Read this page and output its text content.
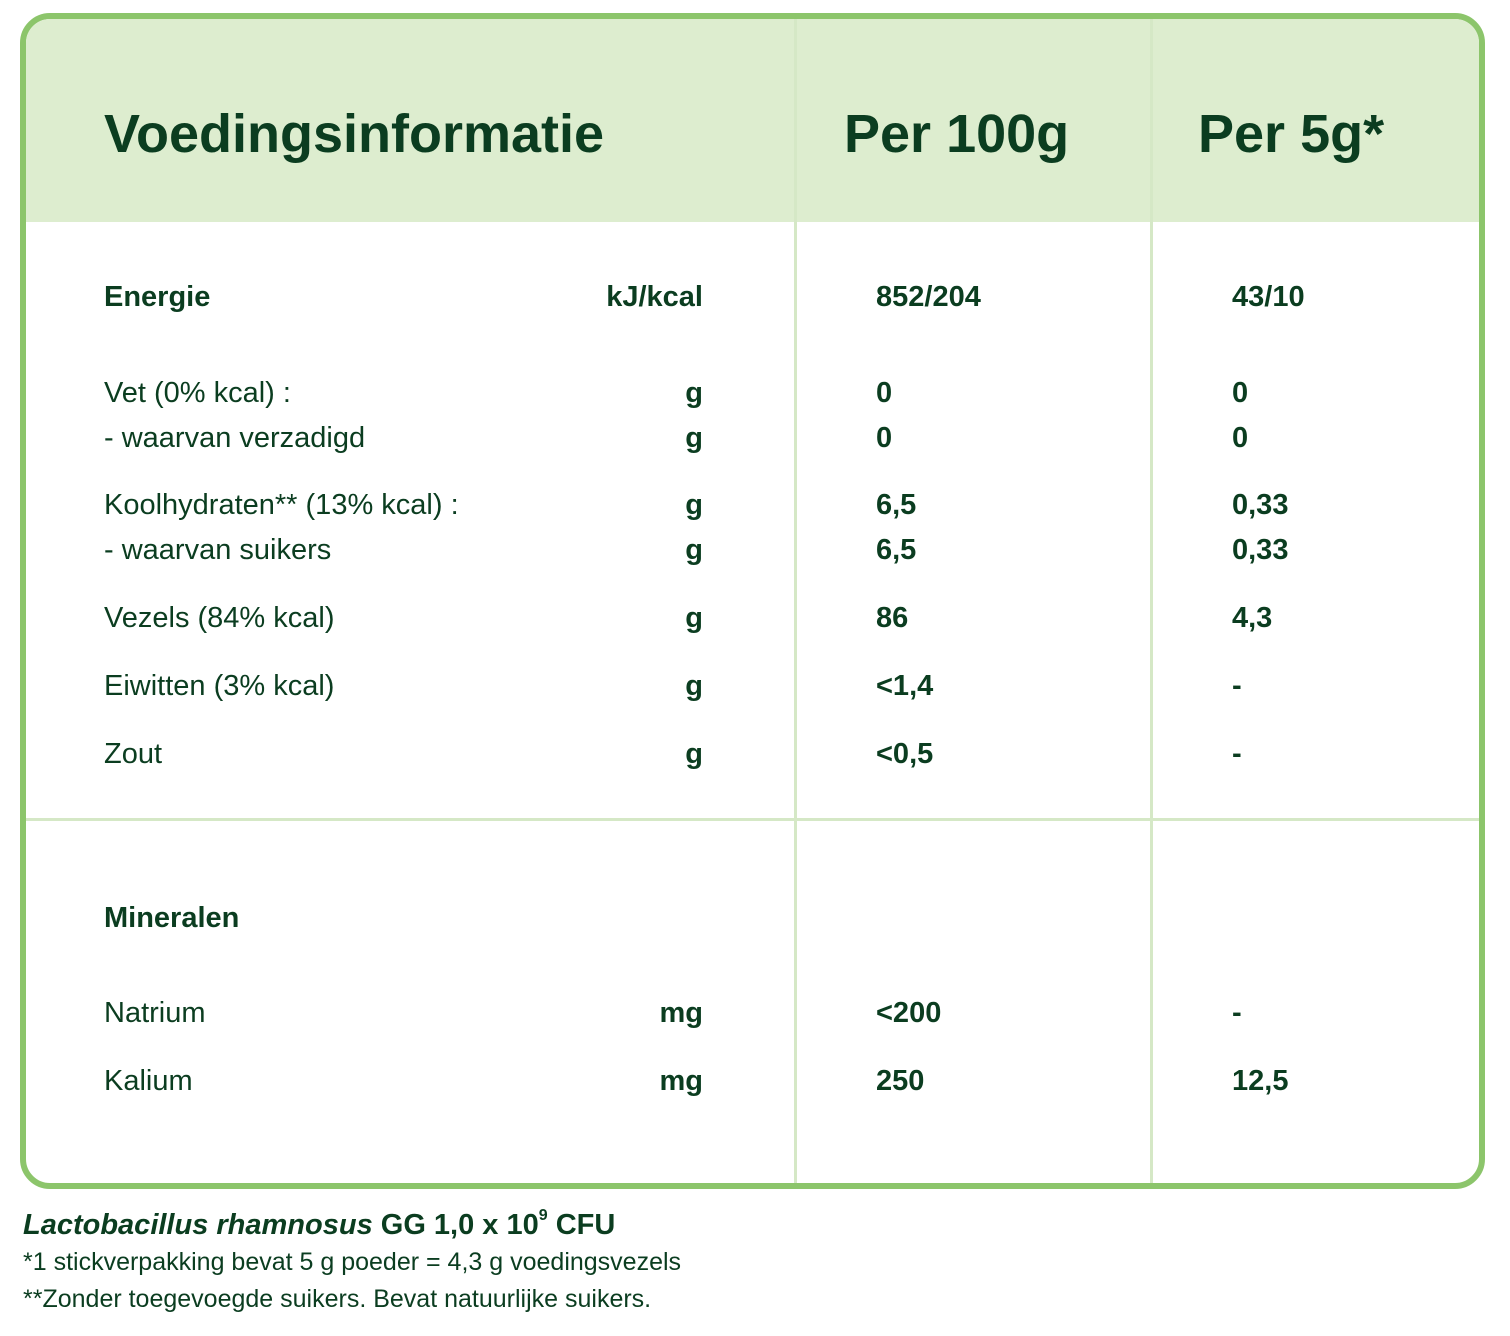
Voedingsinformatie	Per 100g Per 5g*
Energie	kJ/kcal	852/204	43/10
Vet (0% kcal) :	g	0	0
- waarvan verzadigd	g	0	0
Koolhydraten** (13% kcal) :	g	6,5	0,33
- waarvan suikers	g	6,5	0,33
Vezels (84% kcal)	g	86	4,3
Eiwitten (3% kcal)	g	<1,4	-
Zout	g	<0,5	-
Mineralen
Natrium	mg	<200	-
Kalium	mg	250	12,5
Lactobacillus rhamnosus GG 1,0 x $10^9$ CFU
*1 stickverpakking bevat 5 g poeder = 4,3 g voedingsvezels
**Zonder toegevoegde suikers. Bevat natuurlijke suikers.
